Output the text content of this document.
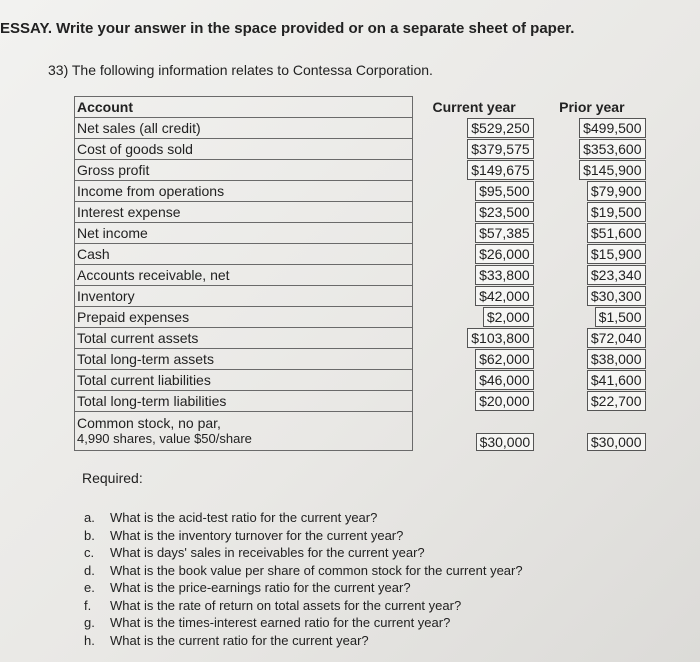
ESSAY. Write your answer in the space provided or on a separate sheet of paper.
33) The following information relates to Contessa Corporation.
Account	Current year	Prior year
Net sales (all credit)	$529,250	$499,500
Cost of goods sold	$379,575	$353,600
Gross profit	$149,675	$145,900
Income from operations	$95,500	$79,900
Interest expense	$23,500	$19,500
Net income	$57,385	$51,600
Cash	$26,000	$15,900
Accounts receivable, net	$33,800	$23,340
Inventory	$42,000	$30,300
Prepaid expenses	$2,000	$1,500
Total current assets	$103,800	$72,040
Total long-term assets	$62,000	$38,000
Total current liabilities	$46,000	$41,600
Total long-term liabilities	$20,000	$22,700

Common stock, no par,
4,990 shares, value $50/share	$30,000	$30,000
Required:
a. What is the acid-test ratio for the current year?
b. What is the inventory turnover for the current year?
c. What is days' sales in receivables for the current year?
d. What is the book value per share of common stock for the current year?
e. What is the price-earnings ratio for the current year?
f. What is the rate of return on total assets for the current year?
g. What is the times-interest earned ratio for the current year?
h. What is the current ratio for the current year?
